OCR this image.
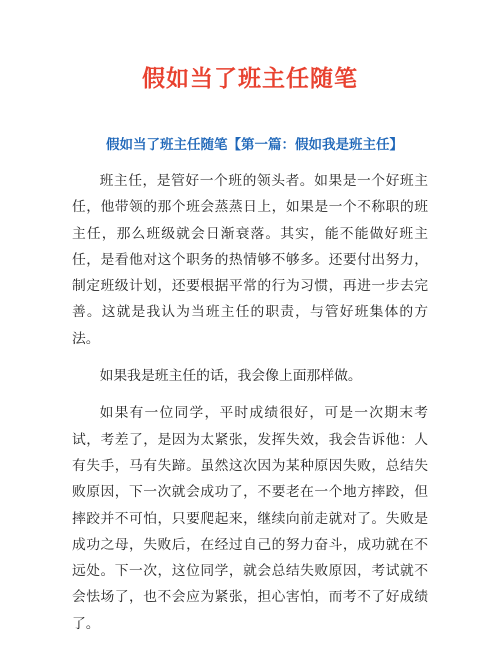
假如当了班主任随笔
假如当了班主任随笔【第一篇：假如我是班主任】

班主任，是管好一个班的领头者。如果是一个好班主任，他带领的那个班会蒸蒸日上，如果是一个不称职的班主任，那么班级就会日渐衰落。其实，能不能做好班主任，是看他对这个职务的热情够不够多。还要付出努力，制定班级计划，还要根据平常的行为习惯，再进一步去完善。这就是我认为当班主任的职责，与管好班集体的方法。

如果我是班主任的话，我会像上面那样做。

如果有一位同学，平时成绩很好，可是一次期末考试，考差了，是因为太紧张，发挥失效，我会告诉他：人有失手，马有失蹄。虽然这次因为某种原因失败，总结失败原因，下一次就会成功了，不要老在一个地方摔跤，但摔跤并不可怕，只要爬起来，继续向前走就对了。失败是成功之母，失败后，在经过自己的努力奋斗，成功就在不远处。下一次，这位同学，就会总结失败原因，考试就不会怯场了，也不会应为紧张，担心害怕，而考不了好成绩了。
